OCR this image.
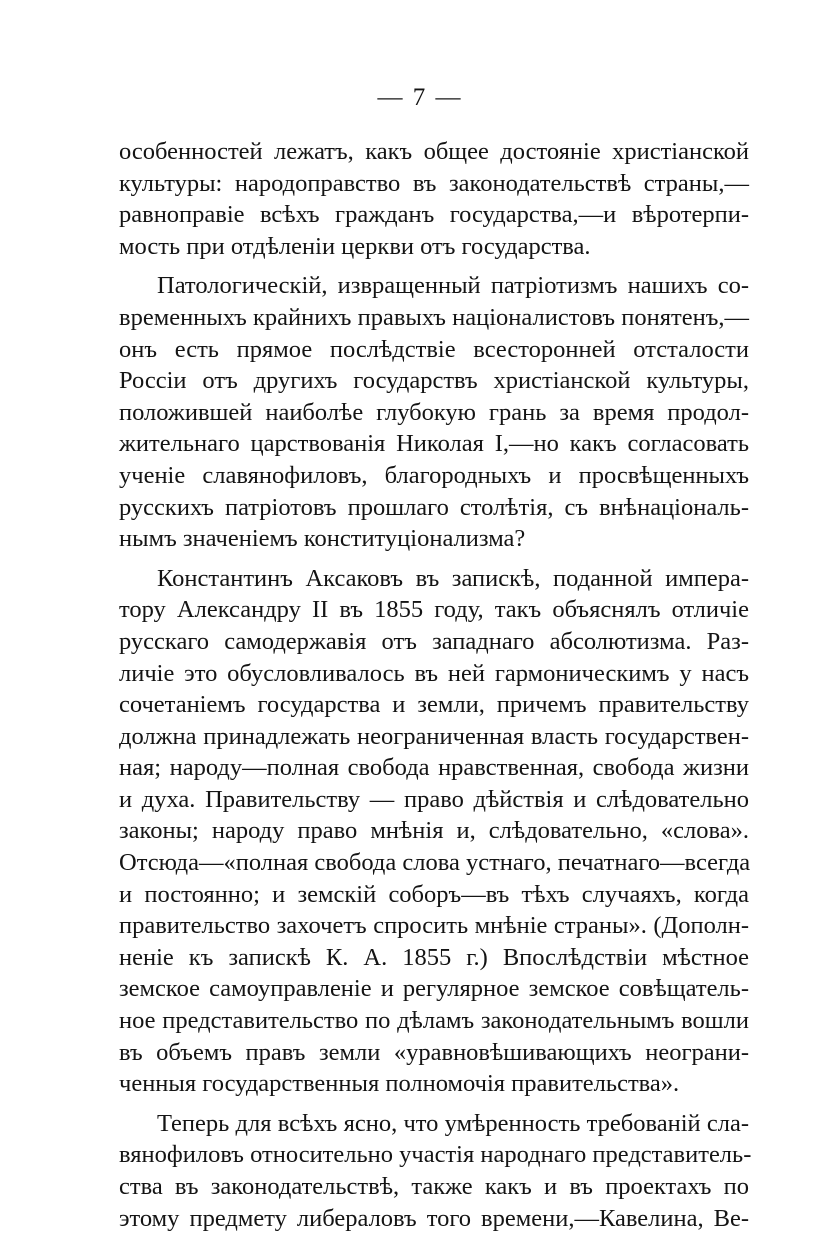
— 7 —

особенностей лежатъ, какъ общее достоянiе христiанской
культуры: народоправство въ законодательствѣ страны,—
равноправiе всѣхъ гражданъ государства,—и вѣротерпи-
мость при отдѣленiи церкви отъ государства.

Патологическiй, извращенный патрiотизмъ нашихъ со-
временныхъ крайнихъ правыхъ нацiоналистовъ понятенъ,—
онъ есть прямое послѣдствiе всесторонней отсталости
Россiи отъ другихъ государствъ христiанской культуры,
положившей наиболѣе глубокую грань за время продол-
жительнаго царствованiя Николая I,—но какъ согласовать
ученiе славянофиловъ, благородныхъ и просвѣщенныхъ
русскихъ патрiотовъ прошлаго столѣтiя, съ внѣнацiональ-
нымъ значенiемъ конституцiонализма?

Константинъ Аксаковъ въ запискѣ, поданной импера-
тору Александру II въ 1855 году, такъ объяснялъ отличiе
русскаго самодержавiя отъ западнаго абсолютизма. Раз-
личiе это обусловливалось въ ней гармоническимъ у насъ
сочетанiемъ государства и земли, причемъ правительству
должна принадлежать неограниченная власть государствен-
ная; народу—полная свобода нравственная, свобода жизни
и духа. Правительству — право дѣйствiя и слѣдовательно
законы; народу право мнѣнiя и, слѣдовательно, «слова».
Отсюда—«полная свобода слова устнаго, печатнаго—всегда
и постоянно; и земскiй соборъ—въ тѣхъ случаяхъ, когда
правительство захочетъ спросить мнѣнiе страны». (Дополн-
ненiе къ запискѣ К. А. 1855 г.) Впослѣдствiи мѣстное
земское самоуправленiе и регулярное земское совѣщатель-
ное представительство по дѣламъ законодательнымъ вошли
въ объемъ правъ земли «уравновѣшивающихъ неограни-
ченныя государственныя полномочiя правительства».

Теперь для всѣхъ ясно, что умѣренность требованiй сла-
вянофиловъ относительно участiя народнаго представитель-
ства въ законодательствѣ, также какъ и въ проектахъ по
этому предмету либераловъ того времени,—Кавелина, Ве-
